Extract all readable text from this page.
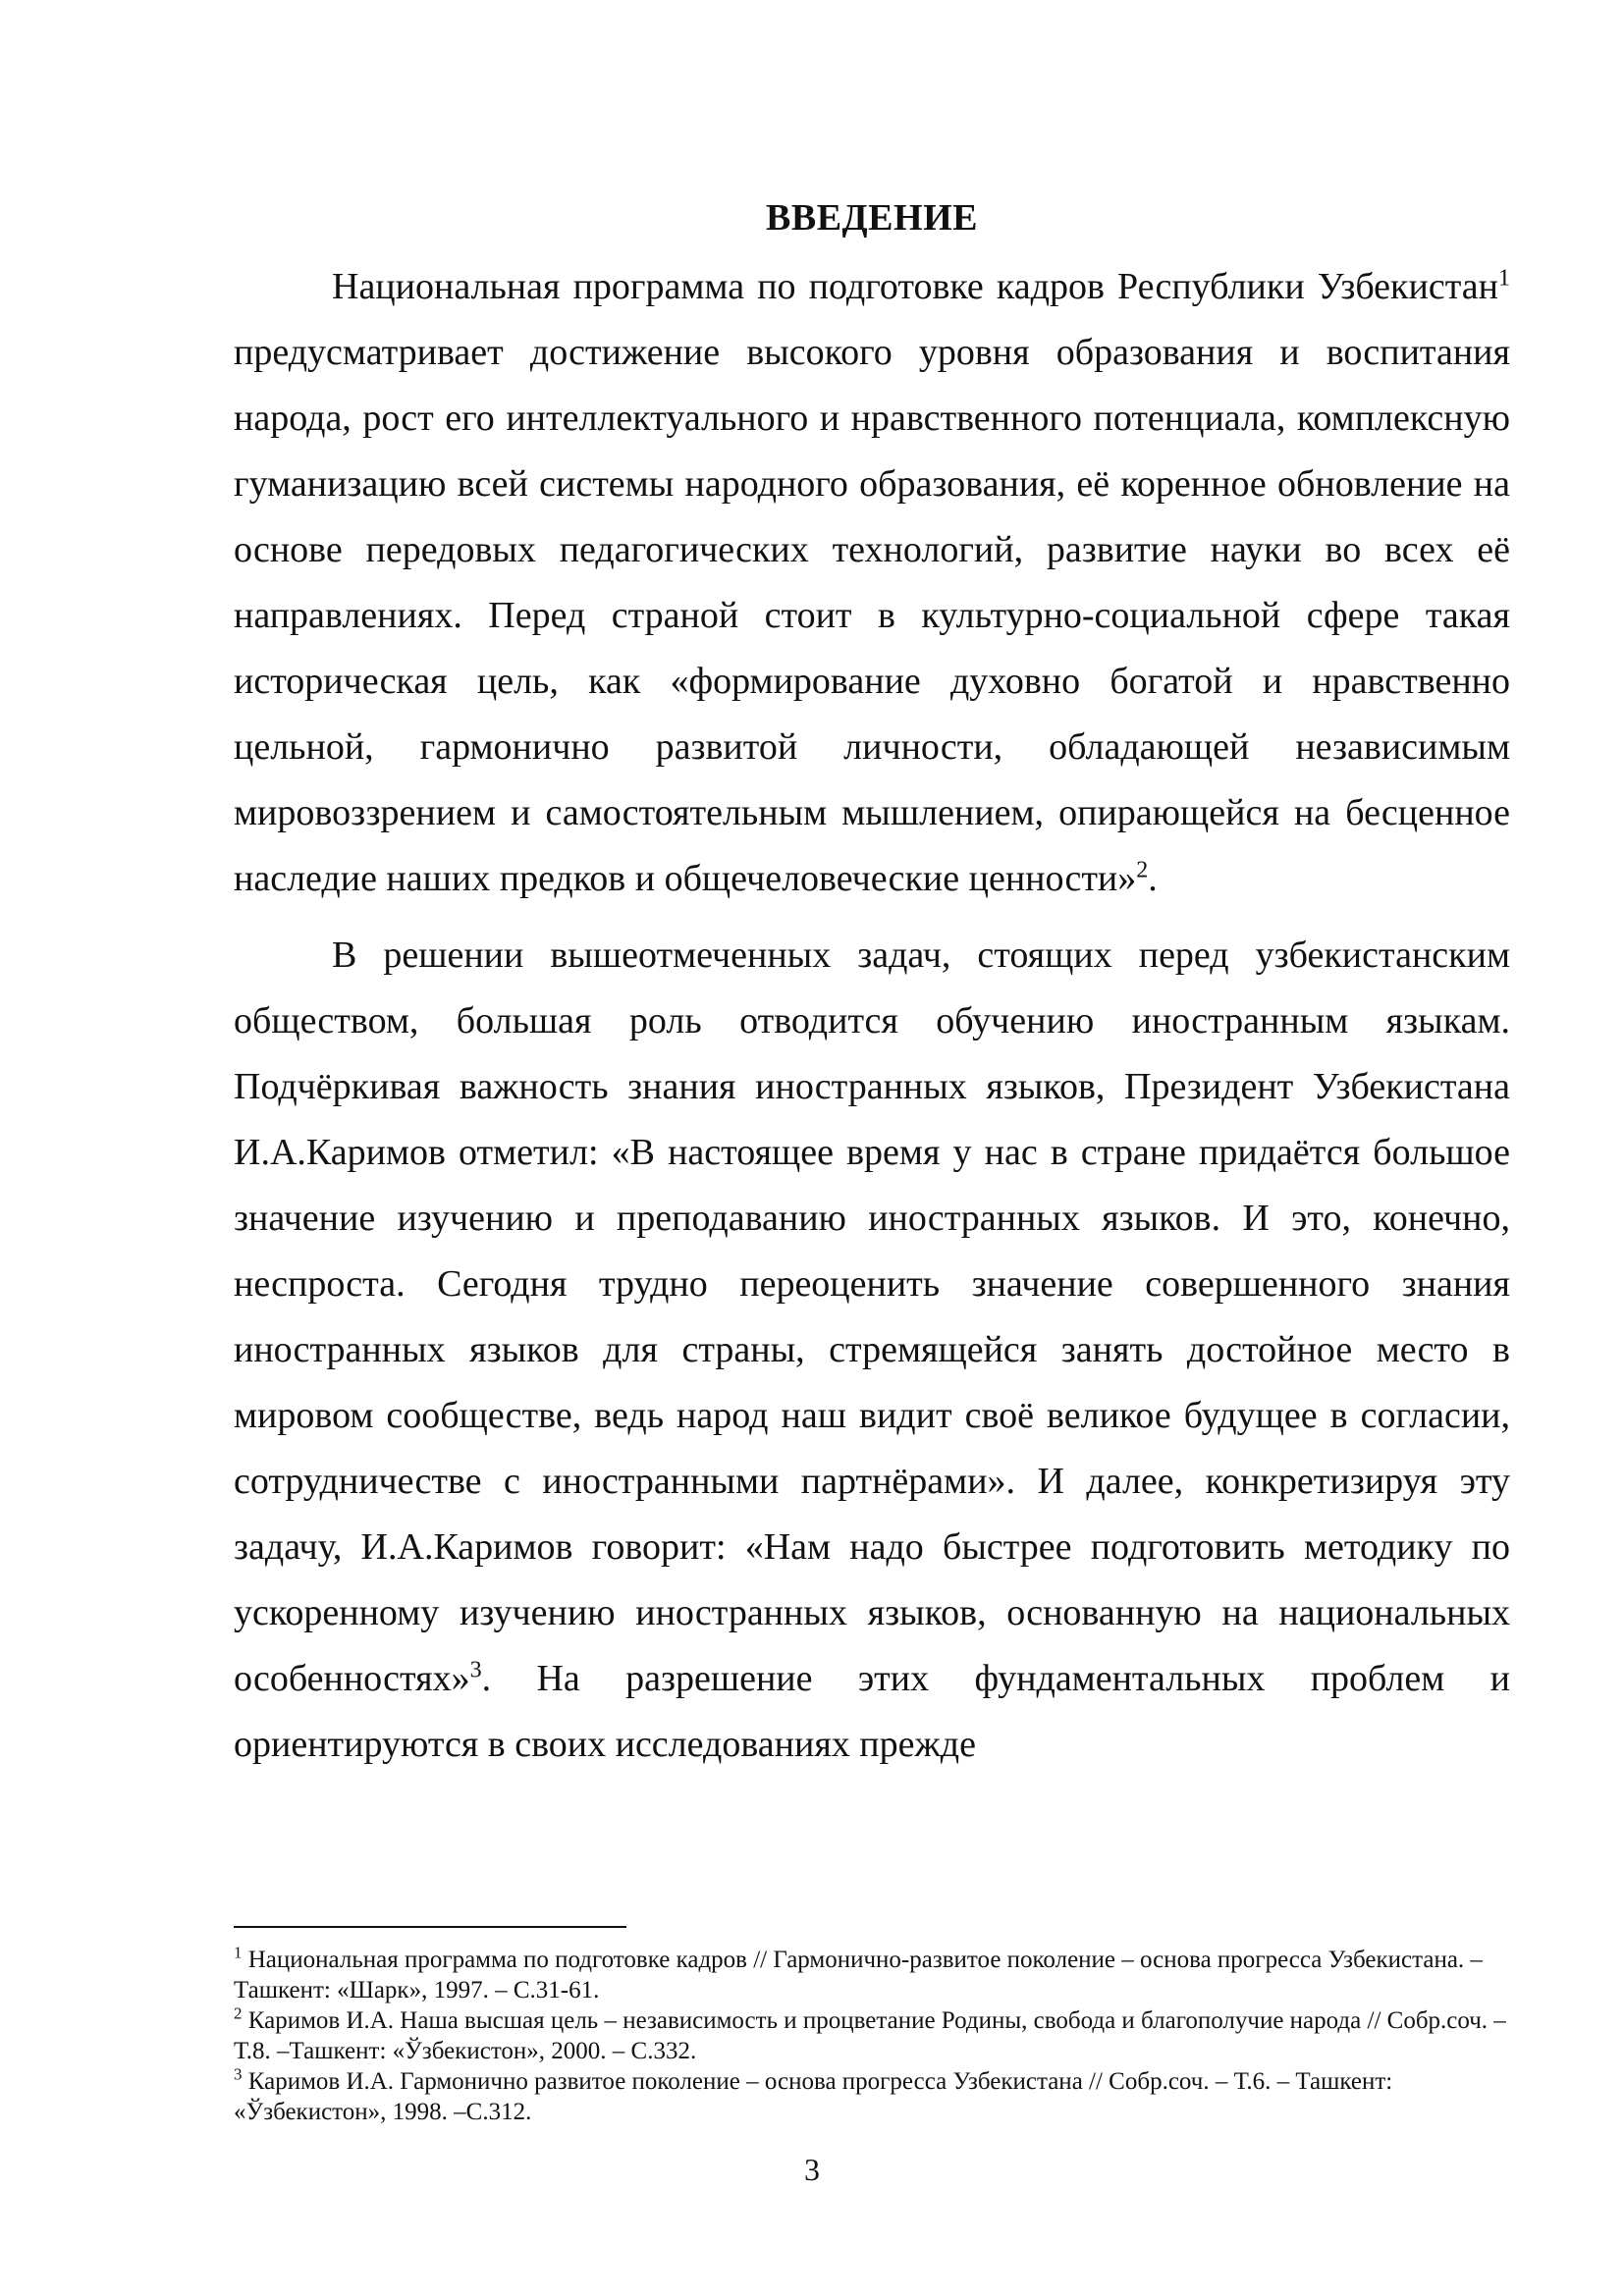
ВВЕДЕНИЕ

Национальная программа по подготовке кадров Республики Узбекистан$^1$ предусматривает достижение высокого уровня образования и воспитания народа, рост его интеллектуального и нравственного потенциала, комплексную гуманизацию всей системы народного образования, её коренное обновление на основе передовых педагогических технологий, развитие науки во всех её направлениях. Перед страной стоит в культурно-социальной сфере такая историческая цель, как «формирование духовно богатой и нравственно цельной, гармонично развитой личности, обладающей независимым мировоззрением и самостоятельным мышлением, опирающейся на бесценное наследие наших предков и общечеловеческие ценности»$^2$.

В решении вышеотмеченных задач, стоящих перед узбекистанским обществом, большая роль отводится обучению иностранным языкам. Подчёркивая важность знания иностранных языков, Президент Узбекистана И.А.Каримов отметил: «В настоящее время у нас в стране придаётся большое значение изучению и преподаванию иностранных языков. И это, конечно, неспроста. Сегодня трудно переоценить значение совершенного знания иностранных языков для страны, стремящейся занять достойное место в мировом сообществе, ведь народ наш видит своё великое будущее в согласии, сотрудничестве с иностранными партнёрами». И далее, конкретизируя эту задачу, И.А.Каримов говорит: «Нам надо быстрее подготовить методику по ускоренному изучению иностранных языков, основанную на национальных особенностях»$^3$. На разрешение этих фундаментальных проблем и ориентируются в своих исследованиях прежде

$^1$ Национальная программа по подготовке кадров // Гармонично-развитое поколение – основа прогресса Узбекистана. –Ташкент: «Шарк», 1997. – С.31-61.

$^2$ Каримов И.А. Наша высшая цель – независимость и процветание Родины, свобода и благополучие народа // Собр.соч. – Т.8. –Ташкент: «Ўзбекистон», 2000. – С.332.

$^3$ Каримов И.А. Гармонично развитое поколение – основа прогресса Узбекистана // Собр.соч. – Т.6. – Ташкент: «Ўзбекистон», 1998. –С.312.

3
